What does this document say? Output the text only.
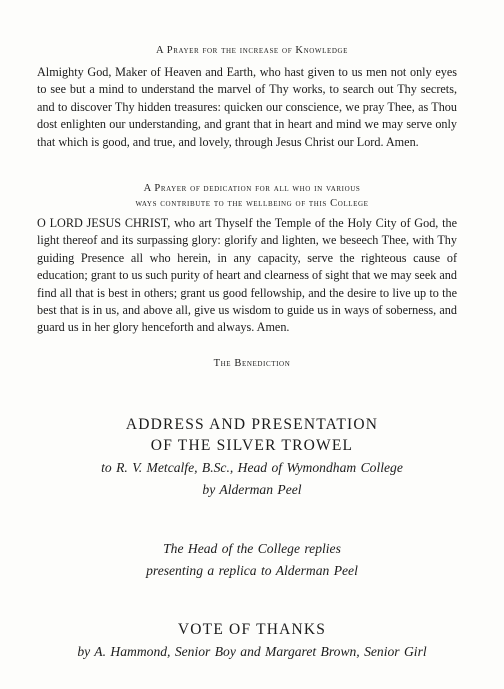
A Prayer for the increase of Knowledge
Almighty God, Maker of Heaven and Earth, who hast given to us men not only eyes to see but a mind to understand the marvel of Thy works, to search out Thy secrets, and to discover Thy hidden treasures: quicken our conscience, we pray Thee, as Thou dost enlighten our understanding, and grant that in heart and mind we may serve only that which is good, and true, and lovely, through Jesus Christ our Lord. Amen.
A Prayer of dedication for all who in various
ways contribute to the wellbeing of this College
O LORD JESUS CHRIST, who art Thyself the Temple of the Holy City of God, the light thereof and its surpassing glory: glorify and lighten, we beseech Thee, with Thy guiding Presence all who herein, in any capacity, serve the righteous cause of education; grant to us such purity of heart and clearness of sight that we may seek and find all that is best in others; grant us good fellowship, and the desire to live up to the best that is in us, and above all, give us wisdom to guide us in ways of soberness, and guard us in her glory henceforth and always. Amen.
The Benediction
ADDRESS AND PRESENTATION
OF THE SILVER TROWEL
to R. V. Metcalfe, B.Sc., Head of Wymondham College
by Alderman Peel
The Head of the College replies
presenting a replica to Alderman Peel
VOTE OF THANKS
by A. Hammond, Senior Boy and Margaret Brown, Senior Girl
